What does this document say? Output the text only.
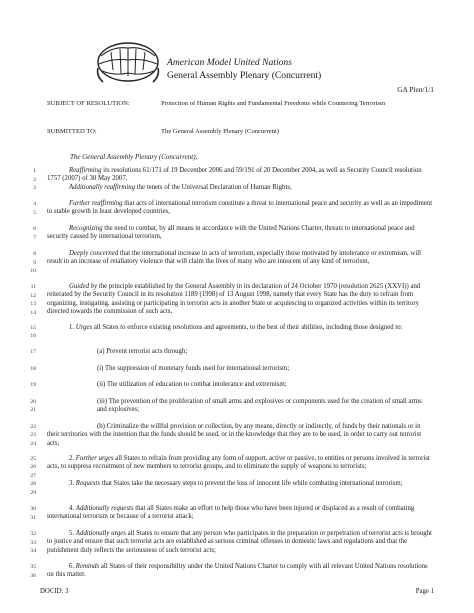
American Model United Nations
General Assembly Plenary (Concurrent)
GA Plen/1/1
SUBJECT OF RESOLUTION:	Protection of Human Rights and Fundamental Freedoms while Countering Terrorism
SUBMITTED TO:	The General Assembly Plenary (Concurrent)
The General Assembly Plenary (Concurrent),
1
2
3
4
5
6
7
8
9
10
11
12
13
14
15
16
17
18
19
20
21
22
23
24
25
26
27
28
29
30
31
32
33
34
35
36
Reaffirming its resolutions 61/171 of 19 December 2006 and 59/191 of 20 December 2004, as well as Security Council resolution 1757 (2007) of 30 May 2007,
Additionally reaffirming the tenets of the Universal Declaration of Human Rights,
Further reaffirming that acts of international terrorism constitute a threat to international peace and security as well as an impediment to stable growth in least developed countries,
Recognizing the need to combat, by all means in accordance with the United Nations Charter, threats to international peace and security caused by international terrorism,
Deeply concerned that the international increase in acts of terrorism, especially those motivated by intolerance or extremism, will result in an increase of retaliatory violence that will claim the lives of many who are innocent of any kind of terrorism,
Guided by the principle established by the General Assembly in its declaration of 24 October 1970 (resolution 2625 (XXVI)) and reiterated by the Security Council in its resolution 1189 (1998) of 13 August 1998, namely that every State has the duty to refrain from organizing, instigating, assisting or participating in terrorist acts in another State or acquiescing to organized activities within its territory directed towards the commission of such acts,
1. Urges all States to enforce existing resolutions and agreements, to the best of their abilities, including those designed to:
(a) Prevent terrorist acts through;
(i) The suppression of monetary funds used for international terrorism;
(ii) The utilization of education to combat intolerance and extremism;
(iii) The prevention of the proliferation of small arms and explosives or components used for the creation of small arms and explosives;
(b) Criminalize the willful provision or collection, by any means, directly or indirectly, of funds by their nationals or in their territories with the intention that the funds should be used, or in the knowledge that they are to be used, in order to carry out terrorist acts;
2. Further urges all States to refrain from providing any form of support, active or passive, to entities or persons involved in terrorist acts, to suppress recruitment of new members to terrorist groups, and to eliminate the supply of weapons to terrorists;
3. Requests that States take the necessary steps to prevent the loss of innocent life while combating international terrorism;
4. Additionally requests that all States make an effort to help those who have been injured or displaced as a result of combating international terrorism or because of a terrorist attack;
5. Additionally urges all States to ensure that any person who participates in the preparation or perpetration of terrorist acts is brought to justice and ensure that such terrorist acts are established as serious criminal offenses in domestic laws and regulations and that the punishment duly reflects the seriousness of such terrorist acts;
6. Reminds all States of their responsibility under the United Nations Charter to comply with all relevant United Nations resolutions on this matter.
DOCID: 3	Page 1
